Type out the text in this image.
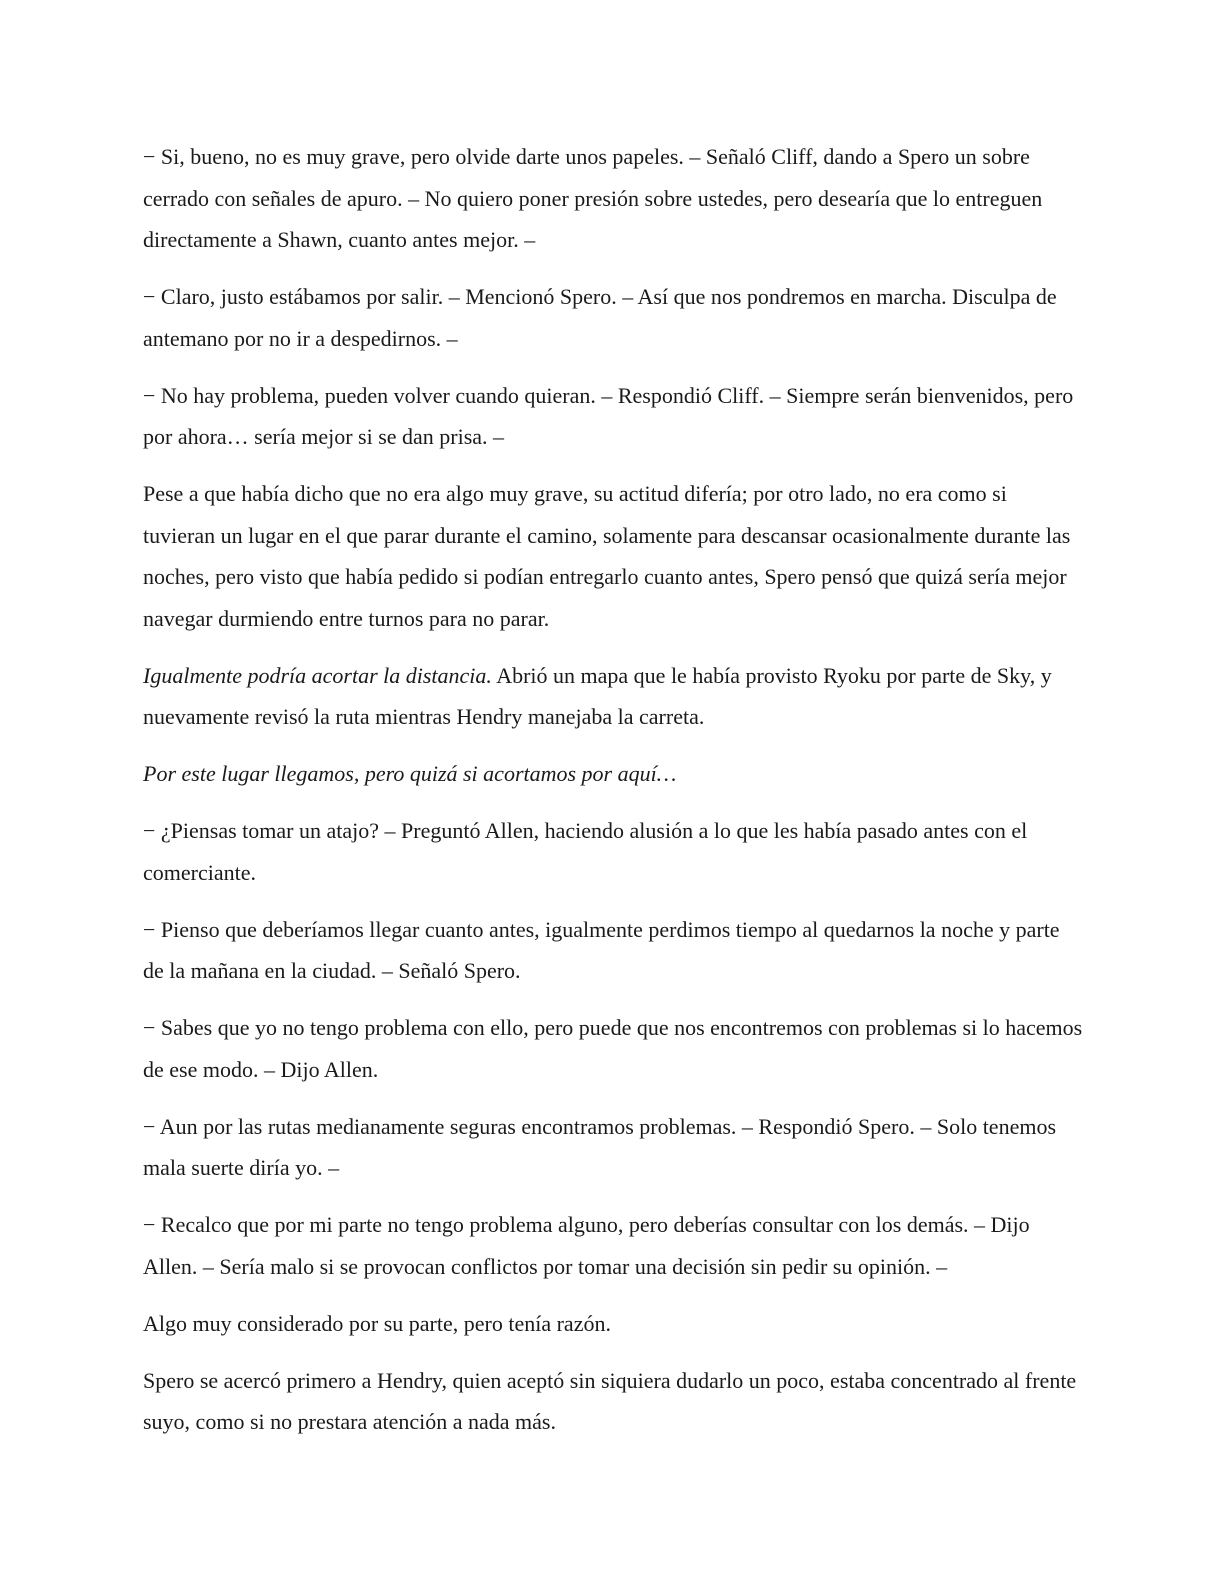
− Si, bueno, no es muy grave, pero olvide darte unos papeles. – Señaló Cliff, dando a Spero un sobre cerrado con señales de apuro. – No quiero poner presión sobre ustedes, pero desearía que lo entreguen directamente a Shawn, cuanto antes mejor. –

− Claro, justo estábamos por salir. – Mencionó Spero. – Así que nos pondremos en marcha. Disculpa de antemano por no ir a despedirnos. –

− No hay problema, pueden volver cuando quieran. – Respondió Cliff. – Siempre serán bienvenidos, pero por ahora… sería mejor si se dan prisa. –

Pese a que había dicho que no era algo muy grave, su actitud difería; por otro lado, no era como si tuvieran un lugar en el que parar durante el camino, solamente para descansar ocasionalmente durante las noches, pero visto que había pedido si podían entregarlo cuanto antes, Spero pensó que quizá sería mejor navegar durmiendo entre turnos para no parar.

Igualmente podría acortar la distancia. Abrió un mapa que le había provisto Ryoku por parte de Sky, y nuevamente revisó la ruta mientras Hendry manejaba la carreta.

Por este lugar llegamos, pero quizá si acortamos por aquí…

− ¿Piensas tomar un atajo? – Preguntó Allen, haciendo alusión a lo que les había pasado antes con el comerciante.

− Pienso que deberíamos llegar cuanto antes, igualmente perdimos tiempo al quedarnos la noche y parte de la mañana en la ciudad. – Señaló Spero.

− Sabes que yo no tengo problema con ello, pero puede que nos encontremos con problemas si lo hacemos de ese modo. – Dijo Allen.

− Aun por las rutas medianamente seguras encontramos problemas. – Respondió Spero. – Solo tenemos mala suerte diría yo. –

− Recalco que por mi parte no tengo problema alguno, pero deberías consultar con los demás. – Dijo Allen. – Sería malo si se provocan conflictos por tomar una decisión sin pedir su opinión. –

Algo muy considerado por su parte, pero tenía razón.

Spero se acercó primero a Hendry, quien aceptó sin siquiera dudarlo un poco, estaba concentrado al frente suyo, como si no prestara atención a nada más.
